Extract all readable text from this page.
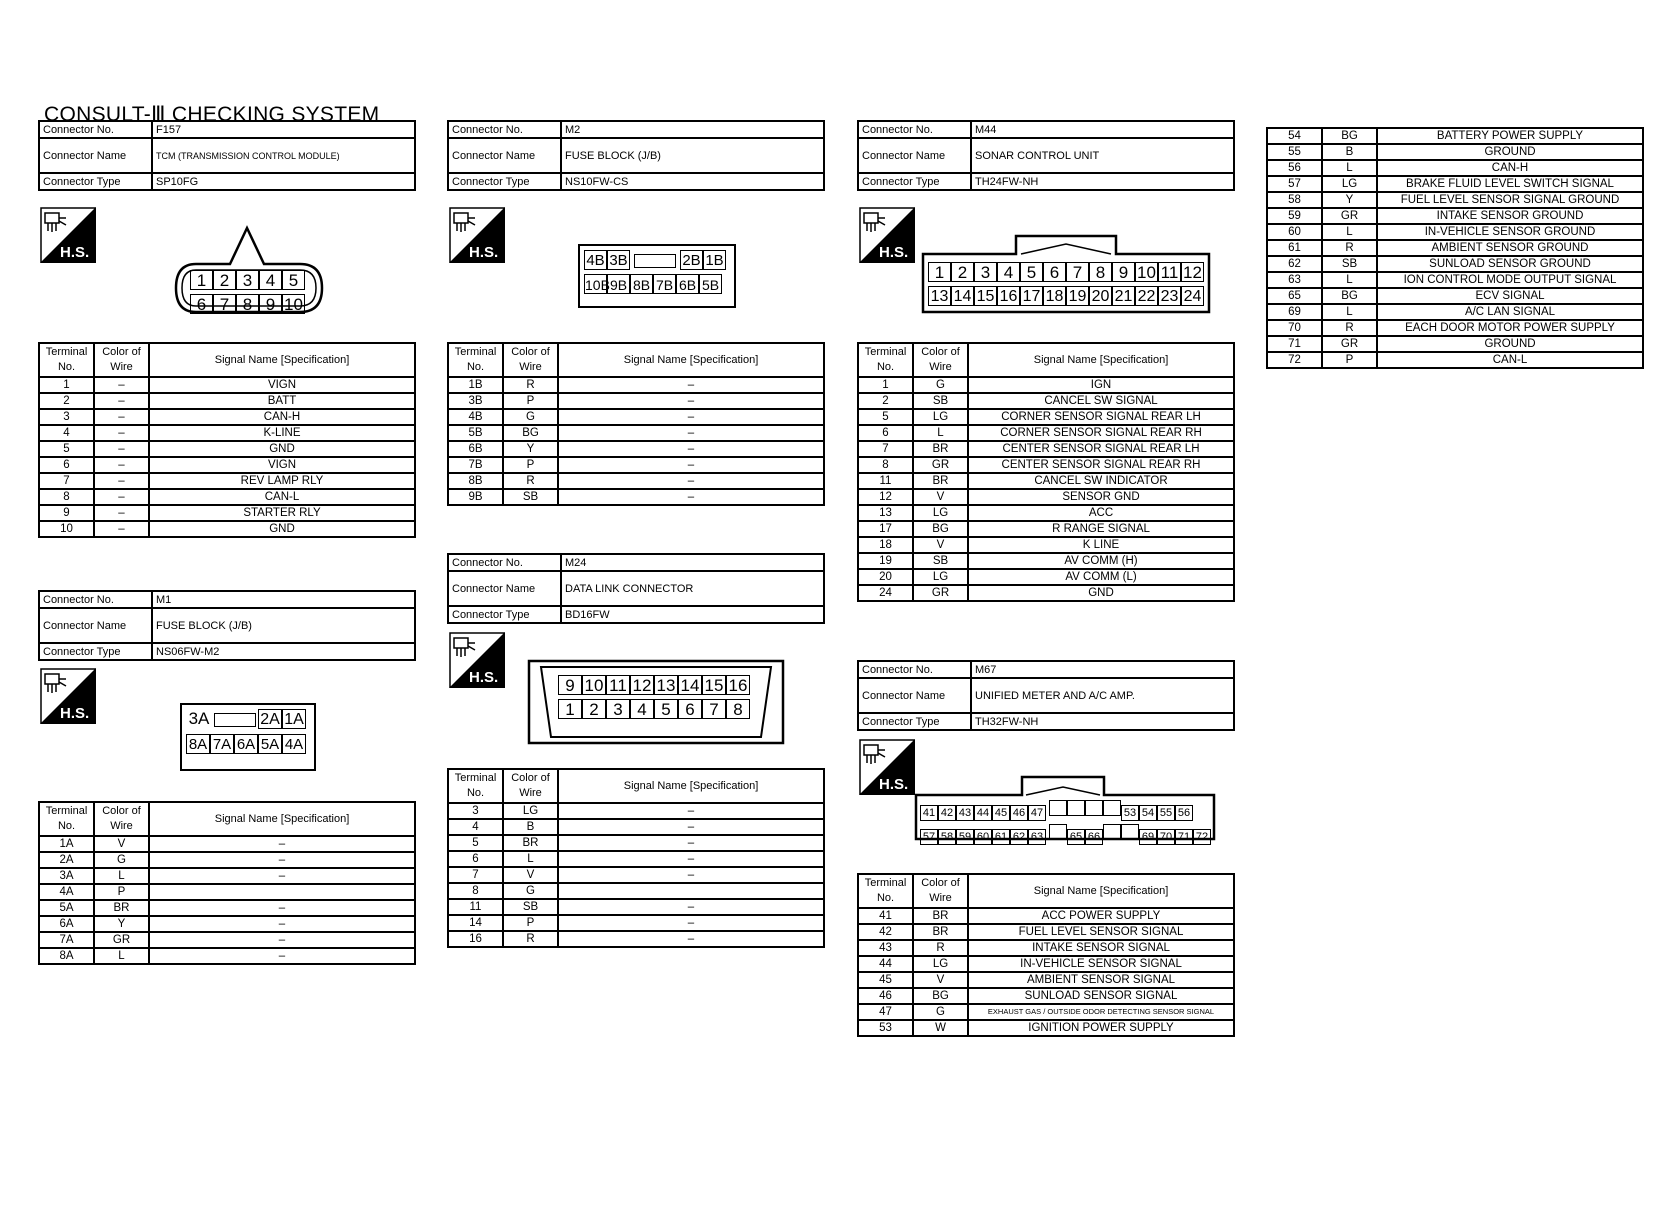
CONSULT-Ⅲ CHECKING SYSTEM
Connector No.	F157
Connector Name	TCM (TRANSMISSION CONTROL MODULE)
Connector Type	SP10FG
H.S.
1 2 3 4 5
6 7 8 9 10
Terminal No.	Color of Wire	Signal Name [Specification]
1	–	VIGN
2	–	BATT
3	–	CAN-H
4	–	K-LINE
5	–	GND
6	–	VIGN
7	–	REV LAMP RLY
8	–	CAN-L
9	–	STARTER RLY
10	–	GND
Connector No.	M1
Connector Name	FUSE BLOCK (J/B)
Connector Type	NS06FW-M2
H.S.	3A	2A 1A
8A 7A 6A 5A 4A
Terminal No.	Color of Wire	Signal Name [Specification]
1A	V	–
2A	G	–
3A	L	–
4A	P	
5A	BR	–
6A	Y	–
7A	GR	–
8A	L	–
Connector No.	M2
Connector Name	FUSE BLOCK (J/B)
Connector Type	NS10FW-CS
H.S.	4B 3B	2B 1B
10B9B 8B 7B 6B 5B
Terminal No.	Color of Wire	Signal Name [Specification]
1B	R	–
3B	P	–
4B	G	–
5B	BG	–
6B	Y	–
7B	P	–
8B	R	–
9B	SB	–
Connector No.	M24
Connector Name	DATA LINK CONNECTOR
Connector Type	BD16FW
H.S.	9 10 11 12 13 14 15 16
1 2 3 4 5 6 7 8
Terminal No.	Color of Wire	Signal Name [Specification]
3	LG	–
4	B	–
5	BR	–
6	L	–
7	V	–
8	G	
11	SB	–
14	P	–
16	R	–
Connector No.	M44
Connector Name	SONAR CONTROL UNIT
Connector Type	TH24FW-NH
H.S.
1 2 3 4 5 6 7 8 9 10 11 12
13 14 15 16 17 18 19 20 21 22 23 24
Terminal No.	Color of Wire	Signal Name [Specification]
1	G	IGN
2	SB	CANCEL SW SIGNAL
5	LG	CORNER SENSOR SIGNAL REAR LH
6	L	CORNER SENSOR SIGNAL REAR RH
7	BR	CENTER SENSOR SIGNAL REAR LH
8	GR	CENTER SENSOR SIGNAL REAR RH
11	BR	CANCEL SW INDICATOR
12	V	SENSOR GND
13	LG	ACC
17	BG	R RANGE SIGNAL
18	V	K LINE
19	SB	AV COMM (H)
20	LG	AV COMM (L)
24	GR	GND
Connector No.	M67
Connector Name	UNIFIED METER AND A/C AMP.
Connector Type	TH32FW-NH
H.S.
41 42 43 44 45 46 47	53 54 55 56
57 58 59 60 61 62 63 65 66	69 70 71 72
Terminal No.	Color of Wire	Signal Name [Specification]
41	BR	ACC POWER SUPPLY
42	BR	FUEL LEVEL SENSOR SIGNAL
43	R	INTAKE SENSOR SIGNAL
44	LG	IN-VEHICLE SENSOR SIGNAL
45	V	AMBIENT SENSOR SIGNAL
46	BG	SUNLOAD SENSOR SIGNAL
47	G	EXHAUST GAS / OUTSIDE ODOR DETECTING SENSOR SIGNAL
53	W	IGNITION POWER SUPPLY
54	BG	BATTERY POWER SUPPLY
55	B	GROUND
56	L	CAN-H
57	LG	BRAKE FLUID LEVEL SWITCH SIGNAL
58	Y	FUEL LEVEL SENSOR SIGNAL GROUND
59	GR	INTAKE SENSOR GROUND
60	L	IN-VEHICLE SENSOR GROUND
61	R	AMBIENT SENSOR GROUND
62	SB	SUNLOAD SENSOR GROUND
63	L	ION CONTROL MODE OUTPUT SIGNAL
65	BG	ECV SIGNAL
69	L	A/C LAN SIGNAL
70	R	EACH DOOR MOTOR POWER SUPPLY
71	GR	GROUND
72	P	CAN-L
